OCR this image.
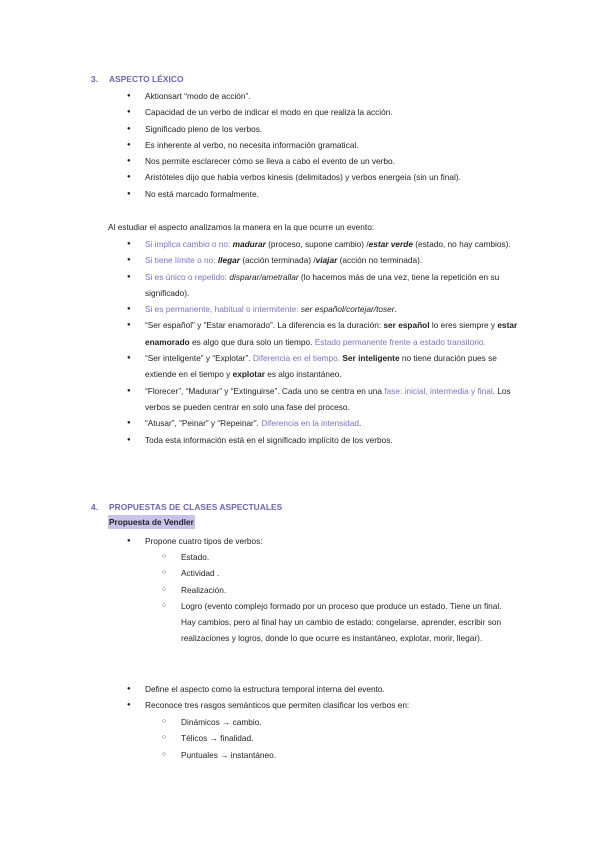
3. ASPECTO LÉXICO
● Aktionsart “modo de acción”.
● Capacidad de un verbo de indicar el modo en que realiza la acción.
● Significado pleno de los verbos.
● Es inherente al verbo, no necesita información gramatical.
● Nos permite esclarecer cómo se lleva a cabo el evento de un verbo.
● Aristóteles dijo que había verbos kinesis (delimitados) y verbos energeia (sin un final).
● No está marcado formalmente.
Al estudiar el aspecto analizamos la manera en la que ocurre un evento:
● Si implica cambio o no: madurar (proceso, supone cambio) /estar verde (estado, no hay cambios).
● Si tiene límite o no: llegar (acción terminada) /viajar (acción no terminada).
● Si es único o repetido: disparar/ametrallar (lo hacemos más de una vez, tiene la repetición en su significado).
● Si es permanente, habitual o intermitente: ser español/cortejar/toser.
● “Ser español” y “Estar enamorado”. La diferencia es la duración: ser español lo eres siempre y estar enamorado es algo que dura solo un tiempo. Estado permanente frente a estado transitorio.
● “Ser inteligente” y “Explotar”. Diferencia en el tiempo. Ser inteligente no tiene duración pues se extiende en el tiempo y explotar es algo instantáneo.
● “Florecer”, “Madurar” y “Extinguirse”. Cada uno se centra en una fase: inicial, intermedia y final. Los verbos se pueden centrar en solo una fase del proceso.
● “Atusar”, “Peinar” y “Repeinar”. Diferencia en la intensidad.
● Toda esta información está en el significado implícito de los verbos.
4. PROPUESTAS DE CLASES ASPECTUALES
Propuesta de Vendler
● Propone cuatro tipos de verbos:
○ Estado.
○ Actividad .
○ Realización.
○ Logro (evento complejo formado por un proceso que produce un estado. Tiene un final. Hay cambios, pero al final hay un cambio de estado: congelarse, aprender, escribir son realizaciones y logros, donde lo que ocurre es instantáneo, explotar, morir, llegar).
● Define el aspecto como la estructura temporal interna del evento.
● Reconoce tres rasgos semánticos que permiten clasificar los verbos en:
○ Dinámicos → cambio.
○ Télicos → finalidad.
○ Puntuales → instantáneo.
